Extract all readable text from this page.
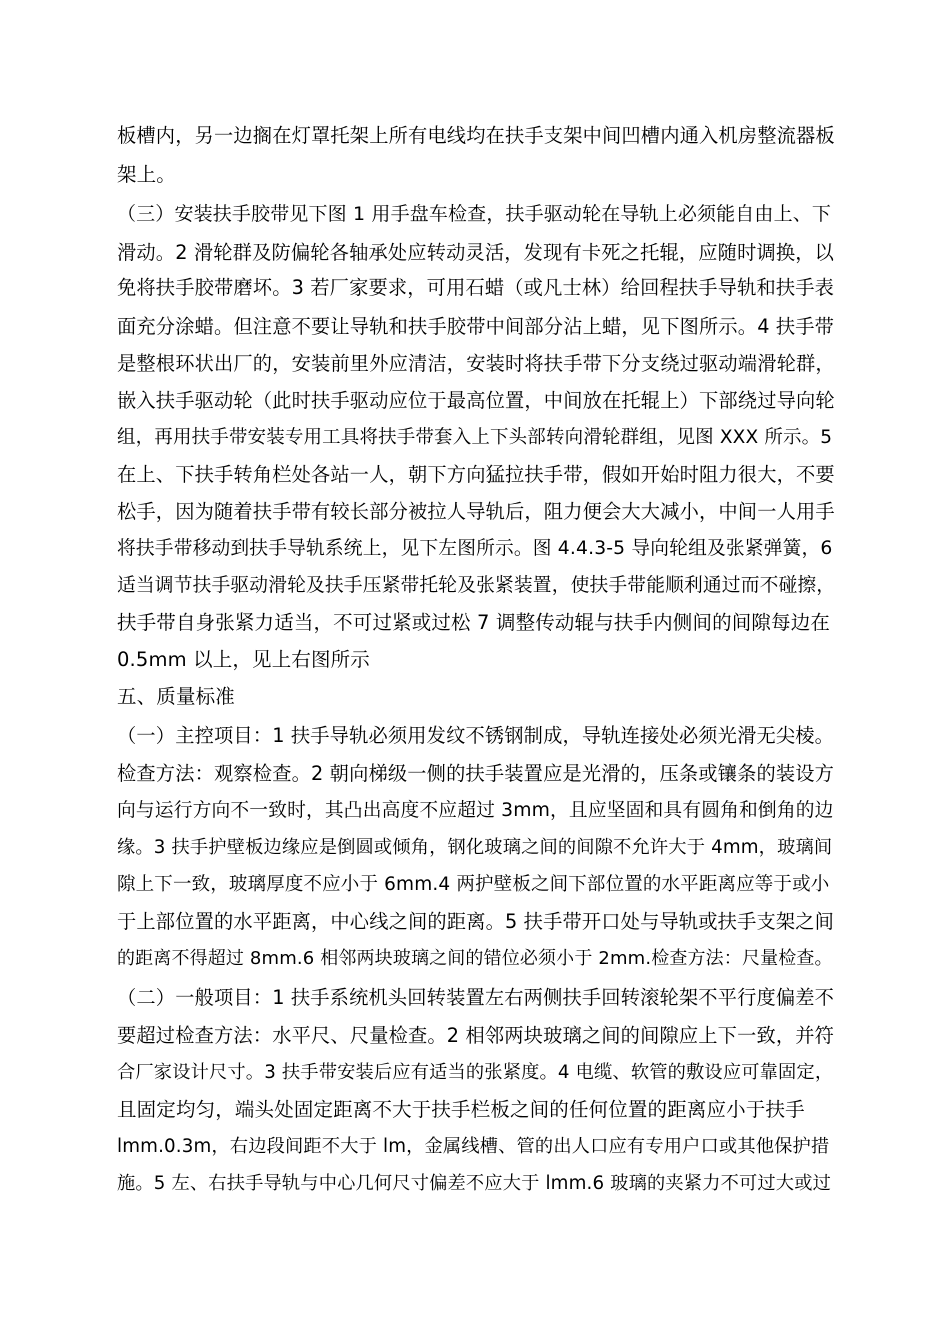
板槽内，另一边搁在灯罩托架上所有电线均在扶手支架中间凹槽内通入机房整流器板
架上。
（三）安装扶手胶带见下图 1 用手盘车检查，扶手驱动轮在导轨上必须能自由上、下
滑动。2 滑轮群及防偏轮各轴承处应转动灵活，发现有卡死之托辊，应随时调换，以
免将扶手胶带磨坏。3 若厂家要求，可用石蜡（或凡士林）给回程扶手导轨和扶手表
面充分涂蜡。但注意不要让导轨和扶手胶带中间部分沾上蜡，见下图所示。4 扶手带
是整根环状出厂的，安装前里外应清洁，安装时将扶手带下分支绕过驱动端滑轮群，
嵌入扶手驱动轮（此时扶手驱动应位于最高位置，中间放在托辊上）下部绕过导向轮
组，再用扶手带安装专用工具将扶手带套入上下头部转向滑轮群组，见图 XXX 所示。5
在上、下扶手转角栏处各站一人，朝下方向猛拉扶手带，假如开始时阻力很大，不要
松手，因为随着扶手带有较长部分被拉人导轨后，阻力便会大大减小，中间一人用手
将扶手带移动到扶手导轨系统上，见下左图所示。图 4.4.3-5 导向轮组及张紧弹簧，6
适当调节扶手驱动滑轮及扶手压紧带托轮及张紧装置，使扶手带能顺利通过而不碰擦，
扶手带自身张紧力适当，不可过紧或过松 7 调整传动辊与扶手内侧间的间隙每边在
0.5mm 以上，见上右图所示
五、质量标准
（一）主控项目：1 扶手导轨必须用发纹不锈钢制成，导轨连接处必须光滑无尖棱。
检查方法：观察检查。2 朝向梯级一侧的扶手装置应是光滑的，压条或镶条的装设方
向与运行方向不一致时，其凸出高度不应超过 3mm，且应坚固和具有圆角和倒角的边
缘。3 扶手护壁板边缘应是倒圆或倾角，钢化玻璃之间的间隙不允许大于 4mm，玻璃间
隙上下一致，玻璃厚度不应小于 6mm.4 两护壁板之间下部位置的水平距离应等于或小
于上部位置的水平距离，中心线之间的距离。5 扶手带开口处与导轨或扶手支架之间
的距离不得超过 8mm.6 相邻两块玻璃之间的错位必须小于 2mm.检查方法：尺量检查。
（二）一般项目：1 扶手系统机头回转装置左右两侧扶手回转滚轮架不平行度偏差不
要超过检查方法：水平尺、尺量检查。2 相邻两块玻璃之间的间隙应上下一致，并符
合厂家设计尺寸。3 扶手带安装后应有适当的张紧度。4 电缆、软管的敷设应可靠固定，
且固定均匀，端头处固定距离不大于扶手栏板之间的任何位置的距离应小于扶手
lmm.0.3m，右边段间距不大于 lm，金属线槽、管的出人口应有专用户口或其他保护措
施。5 左、右扶手导轨与中心几何尺寸偏差不应大于 lmm.6 玻璃的夹紧力不可过大或过
